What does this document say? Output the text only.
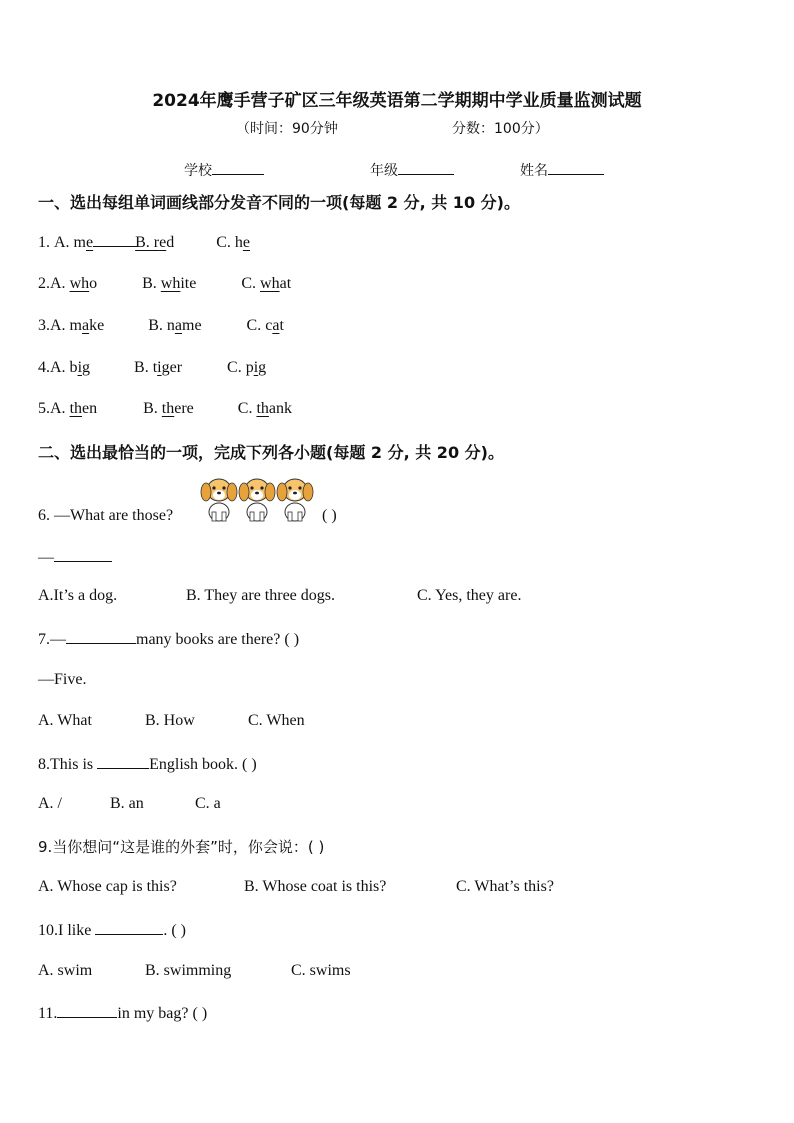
2024年鹰手营子矿区三年级英语第二学期期中学业质量监测试题
（时间：90分钟	分数：100分）
学校	年级	姓名
一、选出每组单词画线部分发音不同的一项(每题 2 分, 共 10 分)。
1. A. me	B. red	C. he
2.A. who	B. white	C. what
3.A. make	B. name	C. cat
4.A. big	B. tiger	C. pig
5.A. then	B. there	C. thank
二、选出最恰当的一项，完成下列各小题(每题 2 分, 共 20 分)。
6. —What are those?	( )
—
A.It’s a dog.	B. They are three dogs.	C. Yes, they are.
7.—	many books are there? ( )
—Five.
A. What	B. How	C. When
8.This is	English book. ( )
A. /	B. an	C. a
9.当你想问“这是谁的外套”时，你会说：( )
A. Whose cap is this?	B. Whose coat is this?	C. What’s this?
10.I like	. ( )
A. swim	B. swimming	C. swims
11.	in my bag? ( )
